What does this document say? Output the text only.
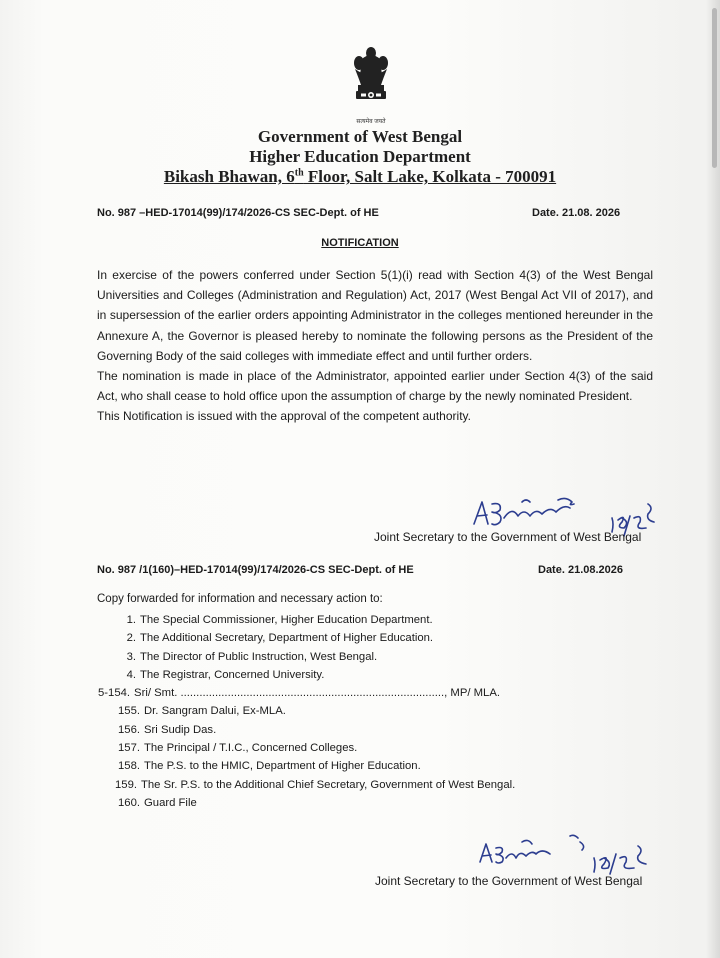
सत्यमेव जयते
Government of West Bengal
Higher Education Department
Bikash Bhawan, 6th Floor, Salt Lake, Kolkata - 700091
No. 987 –HED-17014(99)/174/2026-CS SEC-Dept. of HE	Date. 21.08. 2026
NOTIFICATION

In exercise of the powers conferred under Section 5(1)(i) read with Section 4(3) of the West Bengal Universities and Colleges (Administration and Regulation) Act, 2017 (West Bengal Act VII of 2017), and in supersession of the earlier orders appointing Administrator in the colleges mentioned hereunder in the Annexure A, the Governor is pleased hereby to nominate the following persons as the President of the Governing Body of the said colleges with immediate effect and until further orders.

The nomination is made in place of the Administrator, appointed earlier under Section 4(3) of the said Act, who shall cease to hold office upon the assumption of charge by the newly nominated President.

This Notification is issued with the approval of the competent authority.

Joint Secretary to the Government of West Bengal
No. 987 /1(160)–HED-17014(99)/174/2026-CS SEC-Dept. of HE	Date. 21.08.2026
Copy forwarded for information and necessary action to:
1. The Special Commissioner, Higher Education Department.
2. The Additional Secretary, Department of Higher Education.
3. The Director of Public Instruction, West Bengal.
4. The Registrar, Concerned University.
5-154. Sri/ Smt. ...................................................................................., MP/ MLA.
155. Dr. Sangram Dalui, Ex-MLA.
156. Sri Sudip Das.
157. The Principal / T.I.C., Concerned Colleges.
158. The P.S. to the HMIC, Department of Higher Education.
159. The Sr. P.S. to the Additional Chief Secretary, Government of West Bengal.
160. Guard File
Joint Secretary to the Government of West Bengal
